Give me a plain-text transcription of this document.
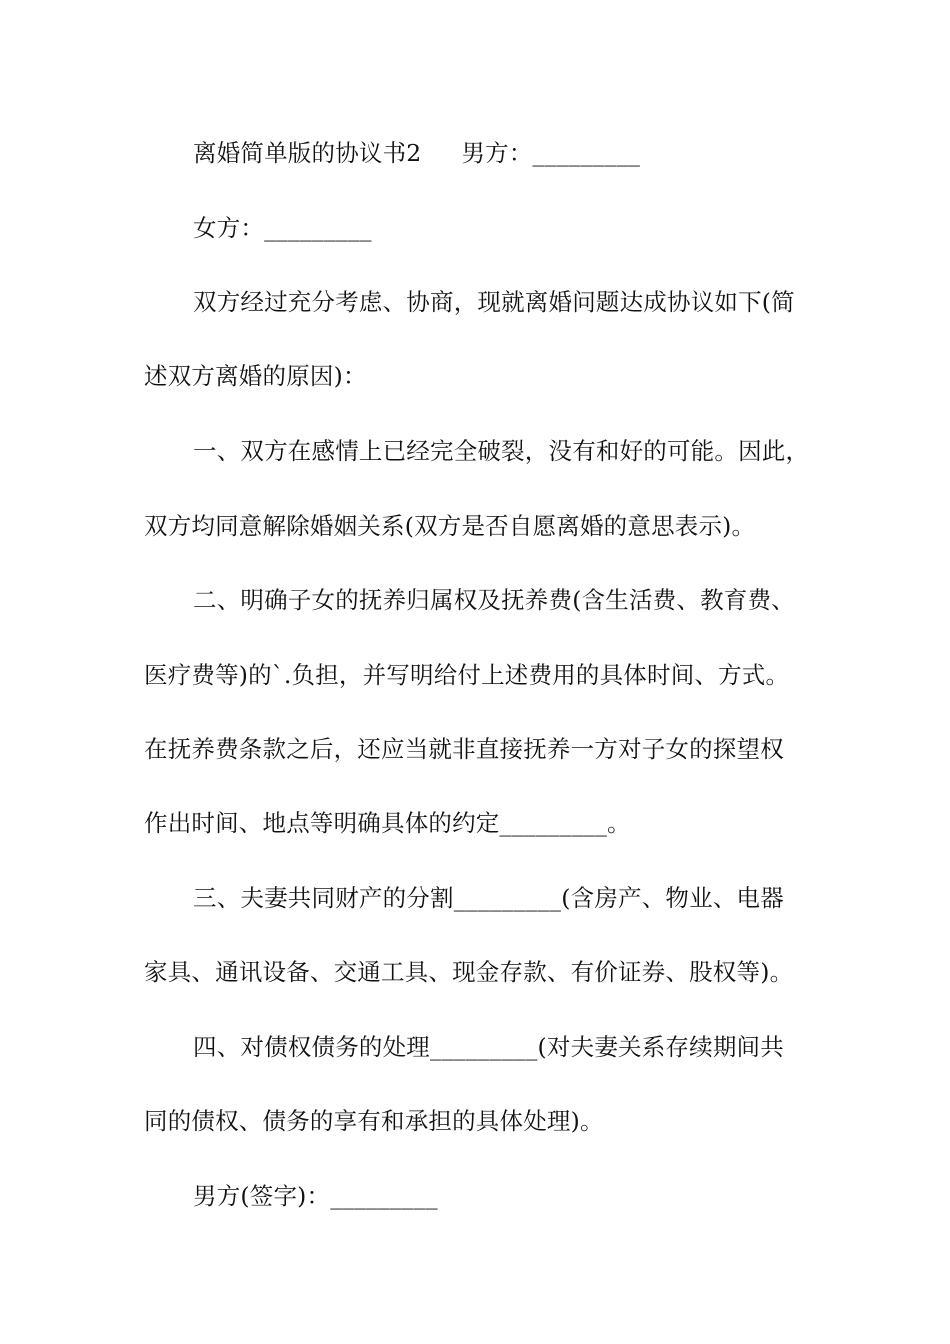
离婚简单版的协议书2 男方：_________
女方：_________
双方经过充分考虑、协商，现就离婚问题达成协议如下(简
述双方离婚的原因)：
一、双方在感情上已经完全破裂，没有和好的可能。因此，
双方均同意解除婚姻关系(双方是否自愿离婚的意思表示)。
二、明确子女的抚养归属权及抚养费(含生活费、教育费、
医疗费等)的`.负担，并写明给付上述费用的具体时间、方式。
在抚养费条款之后，还应当就非直接抚养一方对子女的探望权
作出时间、地点等明确具体的约定_________。
三、夫妻共同财产的分割_________(含房产、物业、电器
家具、通讯设备、交通工具、现金存款、有价证券、股权等)。
四、对债权债务的处理_________(对夫妻关系存续期间共
同的债权、债务的享有和承担的具体处理)。
男方(签字)：_________
